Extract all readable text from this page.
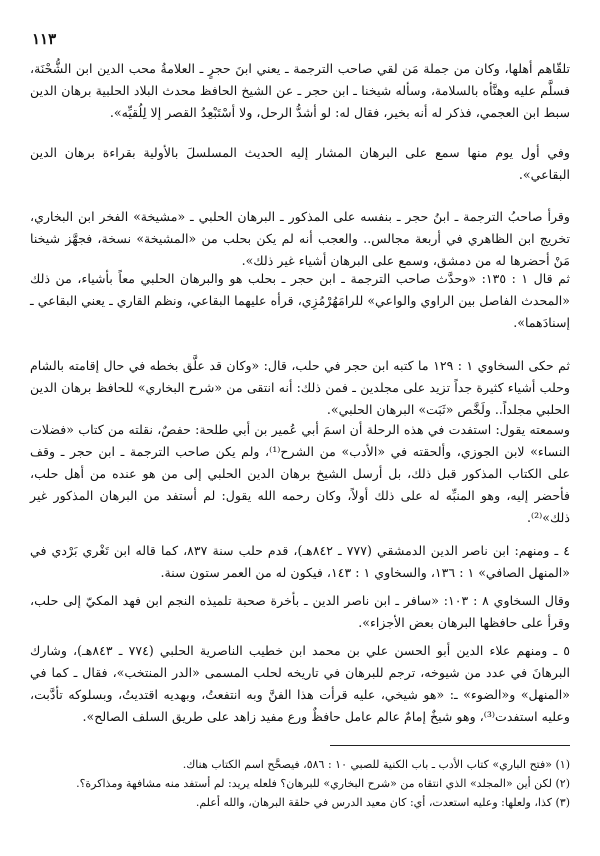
١١٣

تلقّاهم أهلها، وكان من جملة مَن لقي صاحب الترجمة ـ يعني ابنَ حجرٍ ـ العلامةُ محب الدين ابن الشُّحْنَة، فسلَّم عليه وهنَّأه بالسلامة، وسأله شيخنا ـ ابن حجر ـ عن الشيخ الحافظ محدث البلاد الحلبية برهان الدين سبط ابن العجمي، فذكر له أنه بخير، فقال له: لو أشدُّ الرحل، ولا أسْتَبْعِدُ القصر إلا لِلُقيِّه».

وفي أول يوم منها سمع على البرهان المشار إليه الحديث المسلسلَ بالأولية بقراءة برهان الدين البقاعي».

وقرأ صاحبُ الترجمة ـ ابنُ حجر ـ بنفسه على المذكور ـ البرهان الحلبي ـ «مشيخة» الفخر ابن البخاري، تخريج ابن الظاهري في أربعة مجالس.. والعجب أنه لم يكن بحلب من «المشيخة» نسخة، فجهَّز شيخنا مَنْ أحضرها له من دمشق، وسمع على البرهان أشياء غير ذلك».

ثم قال ١ : ١٣٥: «وحدَّث صاحب الترجمة ـ ابن حجر ـ بحلب هو والبرهان الحلبي معاً بأشياء، من ذلك «المحدث الفاصل بين الراوي والواعي» للرامَهُرْمُزِي، قرأه عليهما البقاعي، ونظم القاري ـ يعني البقاعي ـ إسنادَهما».

ثم حكى السخاوي ١ : ١٢٩ ما كتبه ابن حجر في حلب، قال: «وكان قد علَّق بخطه في حال إقامته بالشام وحلب أشياء كثيرة جداً تزيد على مجلدين ـ فمن ذلك: أنه انتقى من «شرح البخاري» للحافظ برهان الدين الحلبي مجلداً.. ولَخَّص «ثَبَت» البرهان الحلبي».

وسمعته يقول: استفدت في هذه الرحلة أن اسمَ أبي عُمير بن أبي طلحة: حفصٌ، نقلته من كتاب «فضلات النساء» لابن الجوزي، وألحقته في «الأدب» من الشرح⁽¹⁾، ولم يكن صاحب الترجمة ـ ابن حجر ـ وقف على الكتاب المذكور قبل ذلك، بل أرسل الشيخ برهان الدين الحلبي إلى من هو عنده من أهل حلب، فأحضر إليه، وهو المنبِّه له على ذلك أولاً، وكان رحمه الله يقول: لم أستفد من البرهان المذكور غير ذلك»⁽²⁾.

٤ ـ ومنهم: ابن ناصر الدين الدمشقي (٧٧٧ ـ ٨٤٢هـ)، قدم حلب سنة ٨٣٧، كما قاله ابن تَغْري بَرْدي في «المنهل الصافي» ١ : ١٣٦، والسخاوي ١ : ١٤٣، فيكون له من العمر ستون سنة.

وقال السخاوي ٨ : ١٠٣: «سافر ـ ابن ناصر الدين ـ بأخرة صحبة تلميذه النجم ابن فهد المكيّ إلى حلب، وقرأ على حافظها البرهان بعض الأجزاء».

٥ ـ ومنهم علاء الدين أبو الحسن علي بن محمد ابن خطيب الناصرية الحلبي (٧٧٤ ـ ٨٤٣هـ)، وشارك البرهانَ في عدد من شيوخه، ترجم للبرهان في تاريخه لحلب المسمى «الدر المنتخب»، فقال ـ كما في «المنهل» و«الضوء» ـ: «هو شيخي، عليه قرأت هذا الفنَّ وبه انتفعتُ، وبهديه اقتديتُ، وبسلوكه تأدَّبت، وعليه استفدت⁽³⁾، وهو شيخٌ إمامٌ عالم عامل حافظٌ ورع مفيد زاهد على طريق السلف الصالح».

(١) «فتح الباري» كتاب الأدب ـ باب الكنية للصبي ١٠ : ٥٨٦، فيصحَّح اسم الكتاب هناك.
(٢) لكن أين «المجلد» الذي انتقاه من «شرح البخاري» للبرهان؟ فلعله يريد: لم أستفد منه مشافهة ومذاكرة؟.
(٣) كذا، ولعلها: وعليه استعدت، أي: كان معيد الدرس في حلقة البرهان، والله أعلم.
